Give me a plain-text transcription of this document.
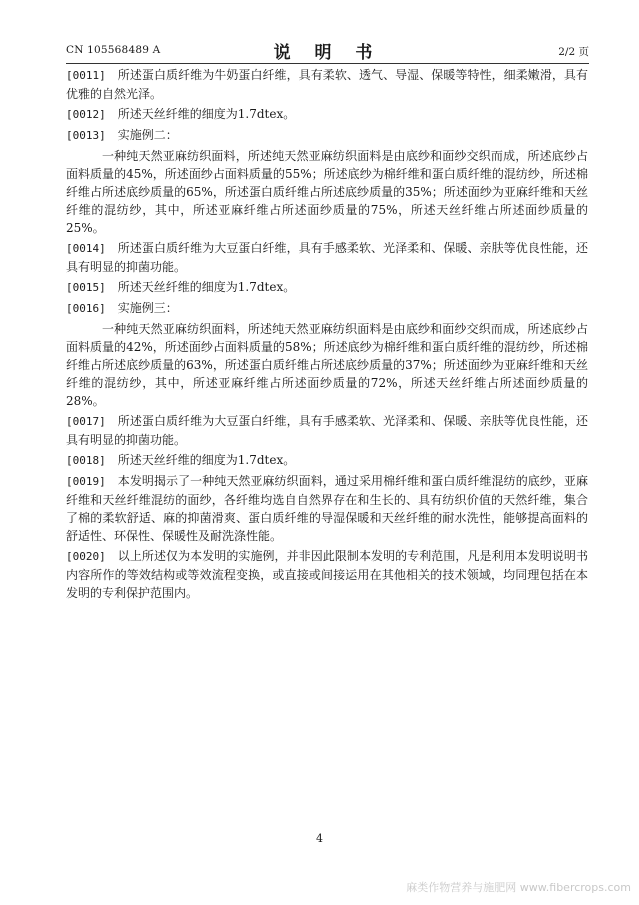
CN 105568489 A	说 明 书	2/2 页

[0011] 所述蛋白质纤维为牛奶蛋白纤维，具有柔软、透气、导湿、保暖等特性，细柔嫩滑，具有优雅的自然光泽。

[0012] 所述天丝纤维的细度为1.7dtex。

[0013] 实施例二：

一种纯天然亚麻纺织面料，所述纯天然亚麻纺织面料是由底纱和面纱交织而成，所述底纱占面料质量的45%，所述面纱占面料质量的55%；所述底纱为棉纤维和蛋白质纤维的混纺纱，所述棉纤维占所述底纱质量的65%，所述蛋白质纤维占所述底纱质量的35%；所述面纱为亚麻纤维和天丝纤维的混纺纱，其中，所述亚麻纤维占所述面纱质量的75%，所述天丝纤维占所述面纱质量的25%。

[0014] 所述蛋白质纤维为大豆蛋白纤维，具有手感柔软、光泽柔和、保暖、亲肤等优良性能，还具有明显的抑菌功能。

[0015] 所述天丝纤维的细度为1.7dtex。

[0016] 实施例三：

一种纯天然亚麻纺织面料，所述纯天然亚麻纺织面料是由底纱和面纱交织而成，所述底纱占面料质量的42%，所述面纱占面料质量的58%；所述底纱为棉纤维和蛋白质纤维的混纺纱，所述棉纤维占所述底纱质量的63%，所述蛋白质纤维占所述底纱质量的37%；所述面纱为亚麻纤维和天丝纤维的混纺纱，其中，所述亚麻纤维占所述面纱质量的72%，所述天丝纤维占所述面纱质量的28%。

[0017] 所述蛋白质纤维为大豆蛋白纤维，具有手感柔软、光泽柔和、保暖、亲肤等优良性能，还具有明显的抑菌功能。

[0018] 所述天丝纤维的细度为1.7dtex。

[0019] 本发明揭示了一种纯天然亚麻纺织面料，通过采用棉纤维和蛋白质纤维混纺的底纱，亚麻纤维和天丝纤维混纺的面纱，各纤维均选自自然界存在和生长的、具有纺织价值的天然纤维，集合了棉的柔软舒适、麻的抑菌滑爽、蛋白质纤维的导湿保暖和天丝纤维的耐水洗性，能够提高面料的舒适性、环保性、保暖性及耐洗涤性能。

[0020] 以上所述仅为本发明的实施例，并非因此限制本发明的专利范围，凡是利用本发明说明书内容所作的等效结构或等效流程变换，或直接或间接运用在其他相关的技术领域，均同理包括在本发明的专利保护范围内。

4
麻类作物营养与施肥网 www.fibercrops.com
